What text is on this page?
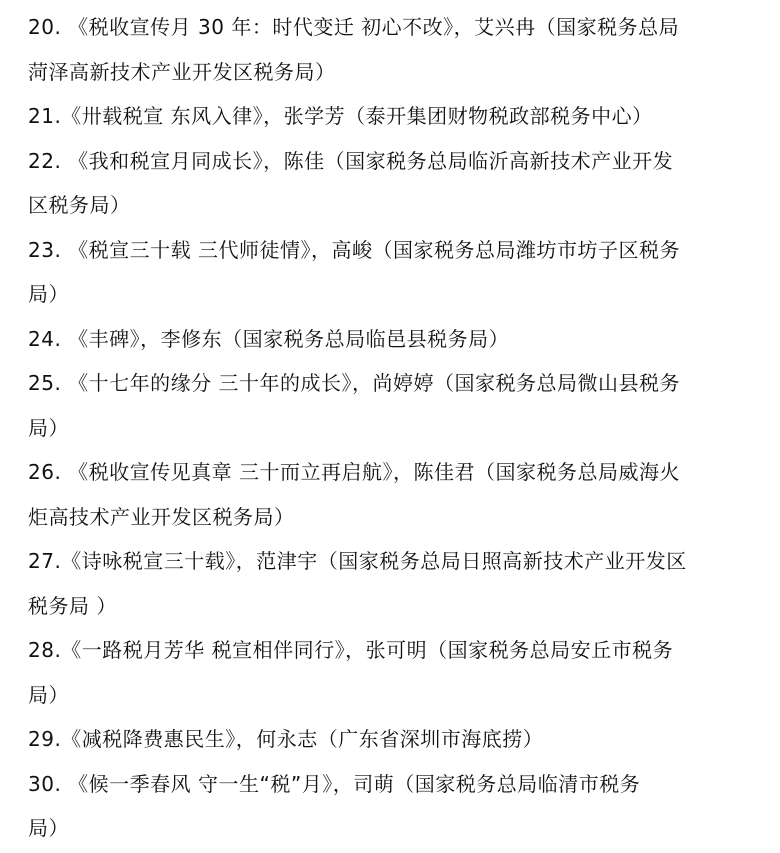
20. 《税收宣传月 30 年：时代变迁 初心不改》，艾兴冉（国家税务总局
菏泽高新技术产业开发区税务局）
21.《卅载税宣 东风入律》，张学芳（泰开集团财物税政部税务中心）
22. 《我和税宣月同成长》，陈佳（国家税务总局临沂高新技术产业开发
区税务局）
23. 《税宣三十载 三代师徒情》，高峻（国家税务总局潍坊市坊子区税务
局）
24. 《丰碑》，李修东（国家税务总局临邑县税务局）
25. 《十七年的缘分 三十年的成长》，尚婷婷（国家税务总局微山县税务
局）
26. 《税收宣传见真章 三十而立再启航》，陈佳君（国家税务总局威海火
炬高技术产业开发区税务局）
27.《诗咏税宣三十载》，范津宇（国家税务总局日照高新技术产业开发区
税务局 ）
28.《一路税月芳华 税宣相伴同行》，张可明（国家税务总局安丘市税务
局）
29.《减税降费惠民生》，何永志（广东省深圳市海底捞）
30. 《候一季春风 守一生“税”月》，司萌（国家税务总局临清市税务
局）
